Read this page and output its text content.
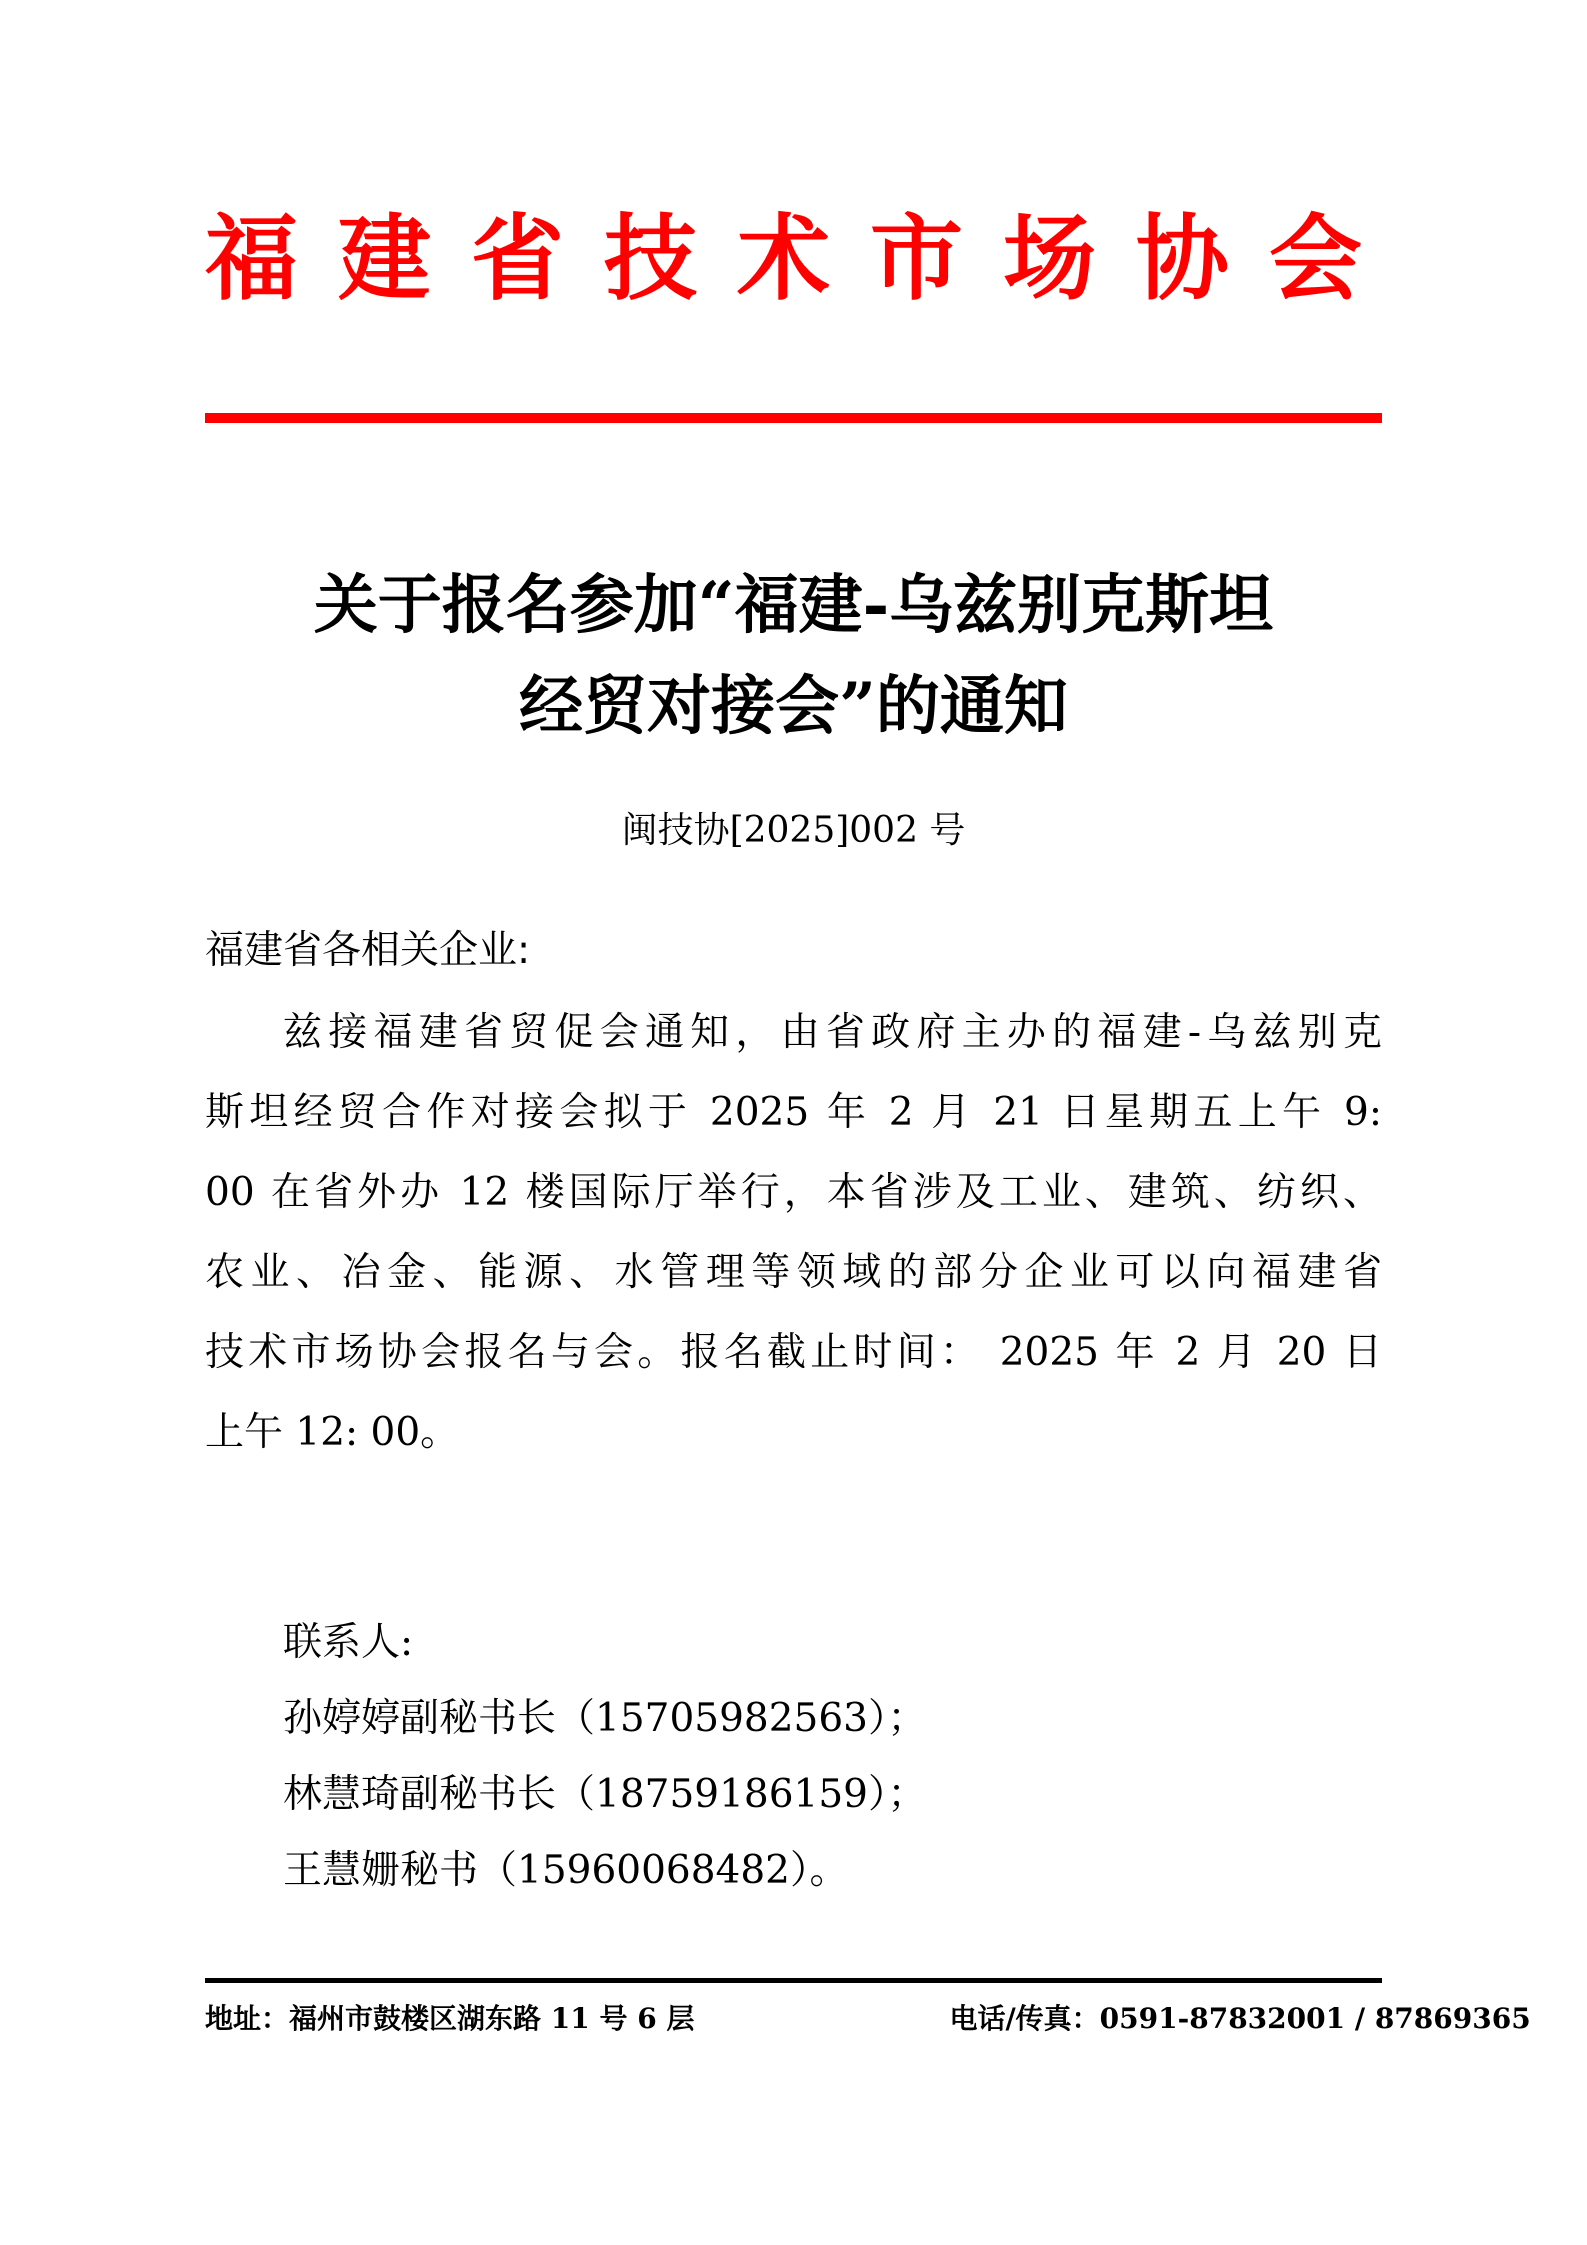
福建省技术市场协会
关于报名参加“福建-乌兹别克斯坦
经贸对接会”的通知
闽技协[2025]002 号
福建省各相关企业:
兹接福建省贸促会通知，由省政府主办的福建-乌兹别克
斯坦经贸合作对接会拟于 2025 年 2 月 21 日星期五上午 9:
00 在省外办 12 楼国际厅举行，本省涉及工业、建筑、纺织、
农业、冶金、能源、水管理等领域的部分企业可以向福建省
技术市场协会报名与会。报名截止时间： 2025 年 2 月 20 日
上午 12: 00。
联系人:
孙婷婷副秘书长（15705982563）；
林慧琦副秘书长（18759186159）；
王慧姗秘书（15960068482）。
地址：福州市鼓楼区湖东路 11 号 6 层	电话/传真：0591-87832001 / 87869365
